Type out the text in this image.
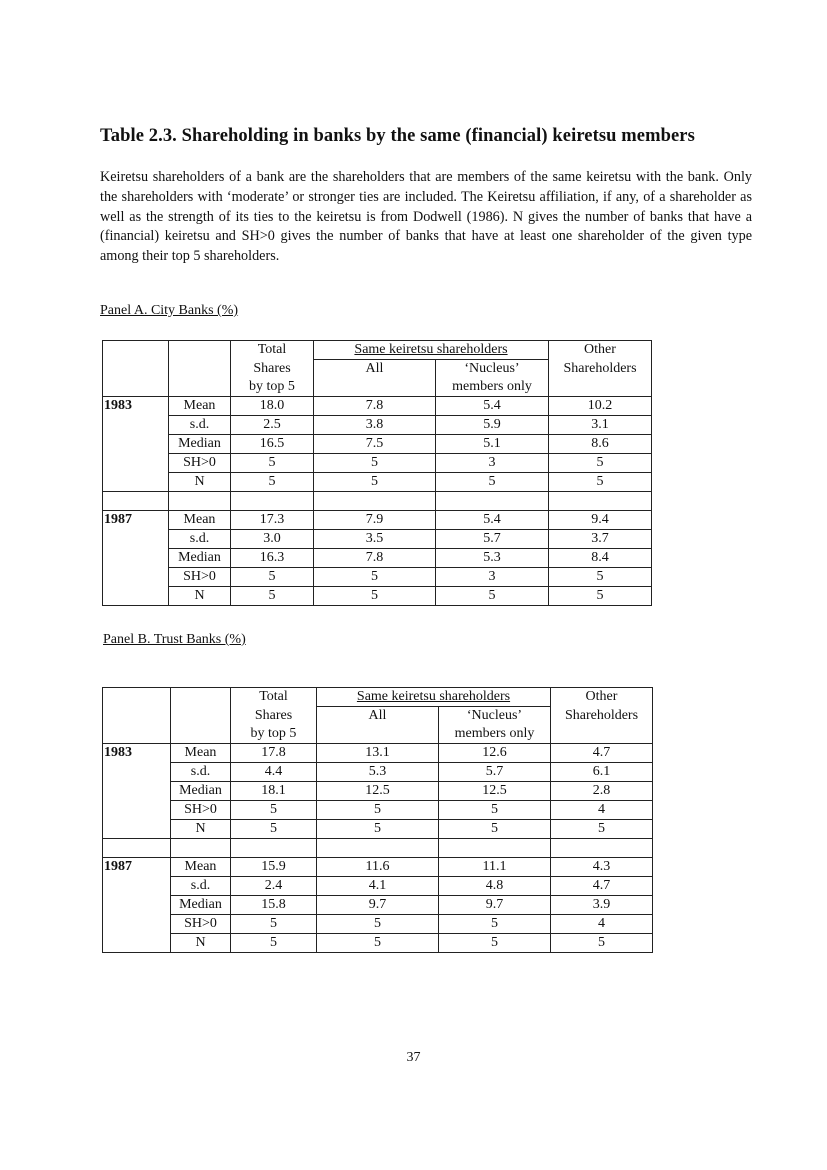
Table 2.3. Shareholding in banks by the same (financial) keiretsu members
Keiretsu shareholders of a bank are the shareholders that are members of the same keiretsu with the bank. Only the shareholders with ‘moderate’ or stronger ties are included. The Keiretsu affiliation, if any, of a shareholder as well as the strength of its ties to the keiretsu is from Dodwell (1986). N gives the number of banks that have a (financial) keiretsu and SH>0 gives the number of banks that have at least one shareholder of the given type among their top 5 shareholders.
Panel A. City Banks (%)
		Total	Same keiretsu shareholders		Other
		Shares	All	‘Nucleus’	Shareholders
		by top 5		members only	
1983	Mean	18.0	7.8	5.4	10.2
	s.d.	2.5	3.8	5.9	3.1
	Median	16.5	7.5	5.1	8.6
	SH>0	5	5	3	5
	N	5	5	5	5

1987	Mean	17.3	7.9	5.4	9.4
	s.d.	3.0	3.5	5.7	3.7
	Median	16.3	7.8	5.3	8.4
	SH>0	5	5	3	5
	N	5	5	5	5
Panel B. Trust Banks (%)
		Total	Same keiretsu shareholders		Other
		Shares	All	‘Nucleus’	Shareholders
		by top 5		members only	
1983	Mean	17.8	13.1	12.6	4.7
	s.d.	4.4	5.3	5.7	6.1
	Median	18.1	12.5	12.5	2.8
	SH>0	5	5	5	4
	N	5	5	5	5

1987	Mean	15.9	11.6	11.1	4.3
	s.d.	2.4	4.1	4.8	4.7
	Median	15.8	9.7	9.7	3.9
	SH>0	5	5	5	4
	N	5	5	5	5
37
